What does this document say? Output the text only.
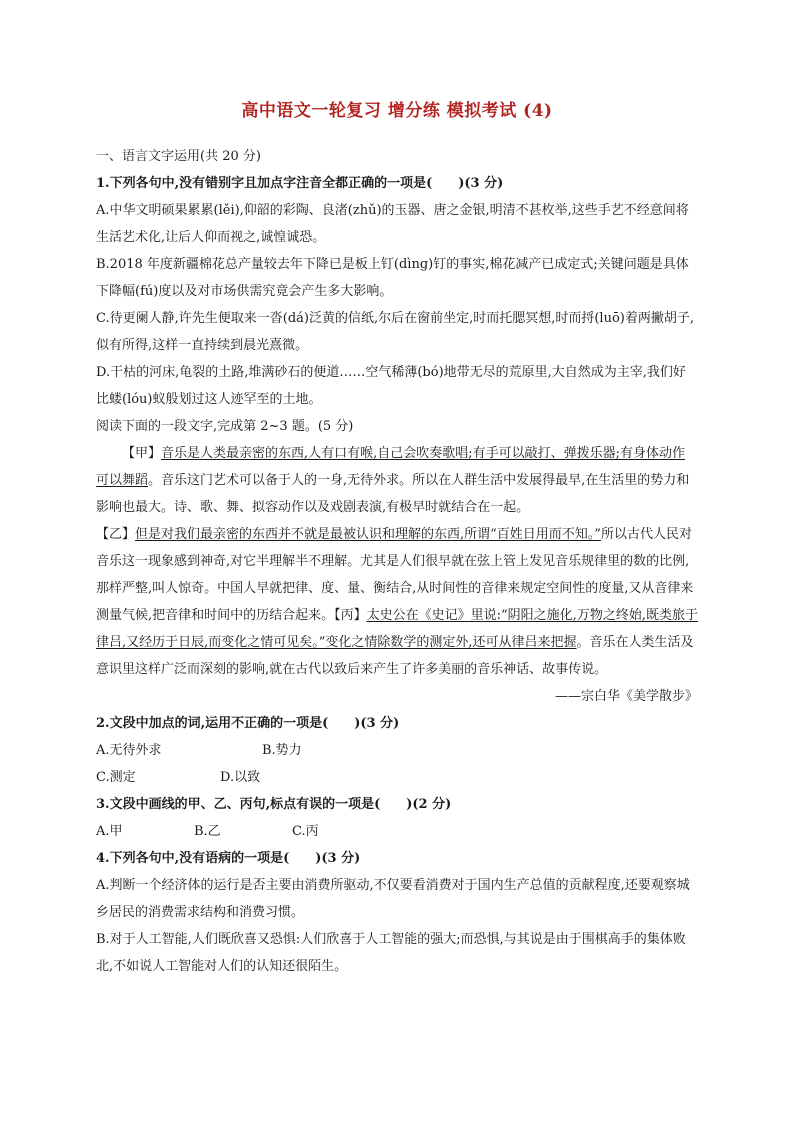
高中语文一轮复习 增分练 模拟考试 (4)

一、语言文字运用(共 20 分)

1.下列各句中,没有错别字且加点字注音全都正确的一项是(　　)(3 分)

A.中华文明硕果累累(lěi),仰韶的彩陶、良渚(zhǔ)的玉器、唐之金银,明清不甚枚举,这些手艺不经意间将生活艺术化,让后人仰而视之,诚惶诚恐。

B.2018 年度新疆棉花总产量较去年下降已是板上钉(dìng)钉的事实,棉花减产已成定式;关键问题是具体下降幅(fú)度以及对市场供需究竟会产生多大影响。

C.待更阑人静,许先生便取来一沓(dá)泛黄的信纸,尔后在窗前坐定,时而托腮冥想,时而捋(luō)着两撇胡子,似有所得,这样一直持续到晨光熹微。

D.干枯的河床,龟裂的土路,堆满砂石的便道……空气稀薄(bó)地带无尽的荒原里,大自然成为主宰,我们好比蝼(lóu)蚁般划过这人迹罕至的土地。

阅读下面的一段文字,完成第 2~3 题。(5 分)

【甲】音乐是人类最亲密的东西,人有口有喉,自己会吹奏歌唱;有手可以敲打、弹拨乐器;有身体动作可以舞蹈。音乐这门艺术可以备于人的一身,无待外求。所以在人群生活中发展得最早,在生活里的势力和影响也最大。诗、歌、舞、拟容动作以及戏剧表演,有极早时就结合在一起。

【乙】但是对我们最亲密的东西并不就是最被认识和理解的东西,所谓“百姓日用而不知。”所以古代人民对音乐这一现象感到神奇,对它半理解半不理解。尤其是人们很早就在弦上管上发见音乐规律里的数的比例,那样严整,叫人惊奇。中国人早就把律、度、量、衡结合,从时间性的音律来规定空间性的度量,又从音律来测量气候,把音律和时间中的历结合起来。【丙】太史公在《史记》里说:“阴阳之施化,万物之终始,既类旅于律吕,又经历于日辰,而变化之情可见矣。”变化之情除数学的测定外,还可从律吕来把握。音乐在人类生活及意识里这样广泛而深刻的影响,就在古代以致后来产生了许多美丽的音乐神话、故事传说。

——宗白华《美学散步》

2.文段中加点的词,运用不正确的一项是(　　)(3 分)

A.无待外求	B.势力

C.测定	D.以致

3.文段中画线的甲、乙、丙句,标点有误的一项是(　　)(2 分)

A.甲	B.乙	C.丙

4.下列各句中,没有语病的一项是(　　)(3 分)

A.判断一个经济体的运行是否主要由消费所驱动,不仅要看消费对于国内生产总值的贡献程度,还要观察城乡居民的消费需求结构和消费习惯。

B.对于人工智能,人们既欣喜又恐惧:人们欣喜于人工智能的强大;而恐惧,与其说是由于围棋高手的集体败北,不如说人工智能对人们的认知还很陌生。
